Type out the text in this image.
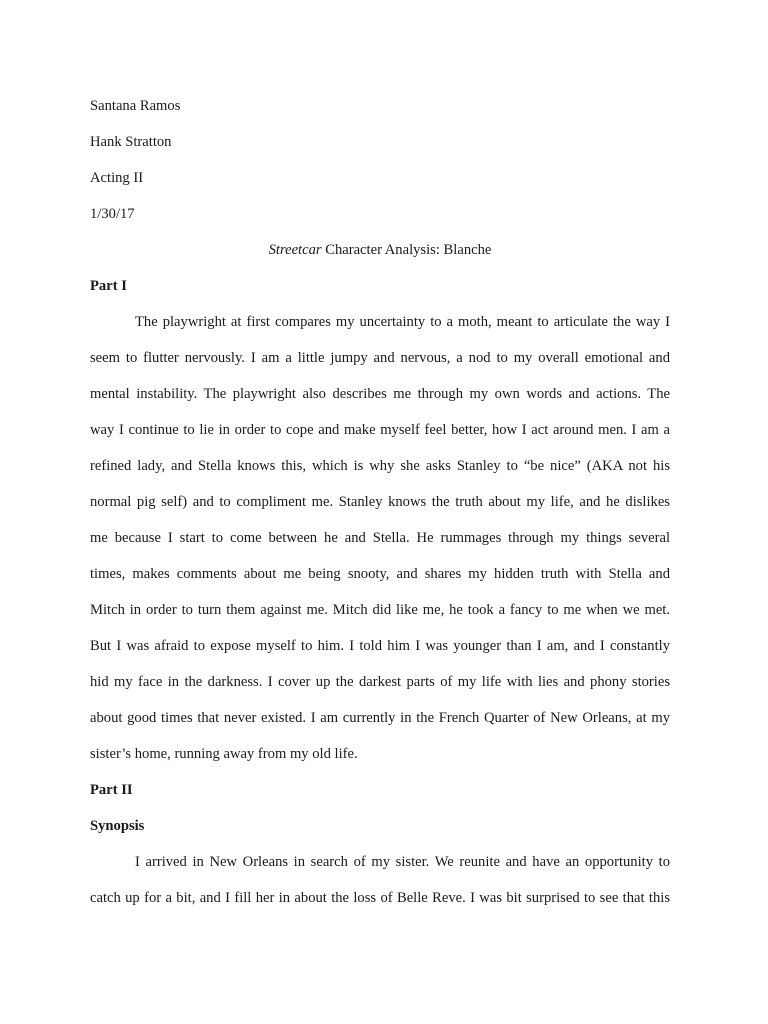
Santana Ramos
Hank Stratton
Acting II
1/30/17
Streetcar Character Analysis: Blanche
Part I
The playwright at first compares my uncertainty to a moth, meant to articulate the way I
seem to flutter nervously. I am a little jumpy and nervous, a nod to my overall emotional and
mental instability. The playwright also describes me through my own words and actions. The
way I continue to lie in order to cope and make myself feel better, how I act around men. I am a
refined lady, and Stella knows this, which is why she asks Stanley to “be nice” (AKA not his
normal pig self) and to compliment me. Stanley knows the truth about my life, and he dislikes
me because I start to come between he and Stella. He rummages through my things several
times, makes comments about me being snooty, and shares my hidden truth with Stella and
Mitch in order to turn them against me. Mitch did like me, he took a fancy to me when we met.
But I was afraid to expose myself to him. I told him I was younger than I am, and I constantly
hid my face in the darkness. I cover up the darkest parts of my life with lies and phony stories
about good times that never existed. I am currently in the French Quarter of New Orleans, at my
sister’s home, running away from my old life.
Part II
Synopsis
I arrived in New Orleans in search of my sister. We reunite and have an opportunity to
catch up for a bit, and I fill her in about the loss of Belle Reve. I was bit surprised to see that this
